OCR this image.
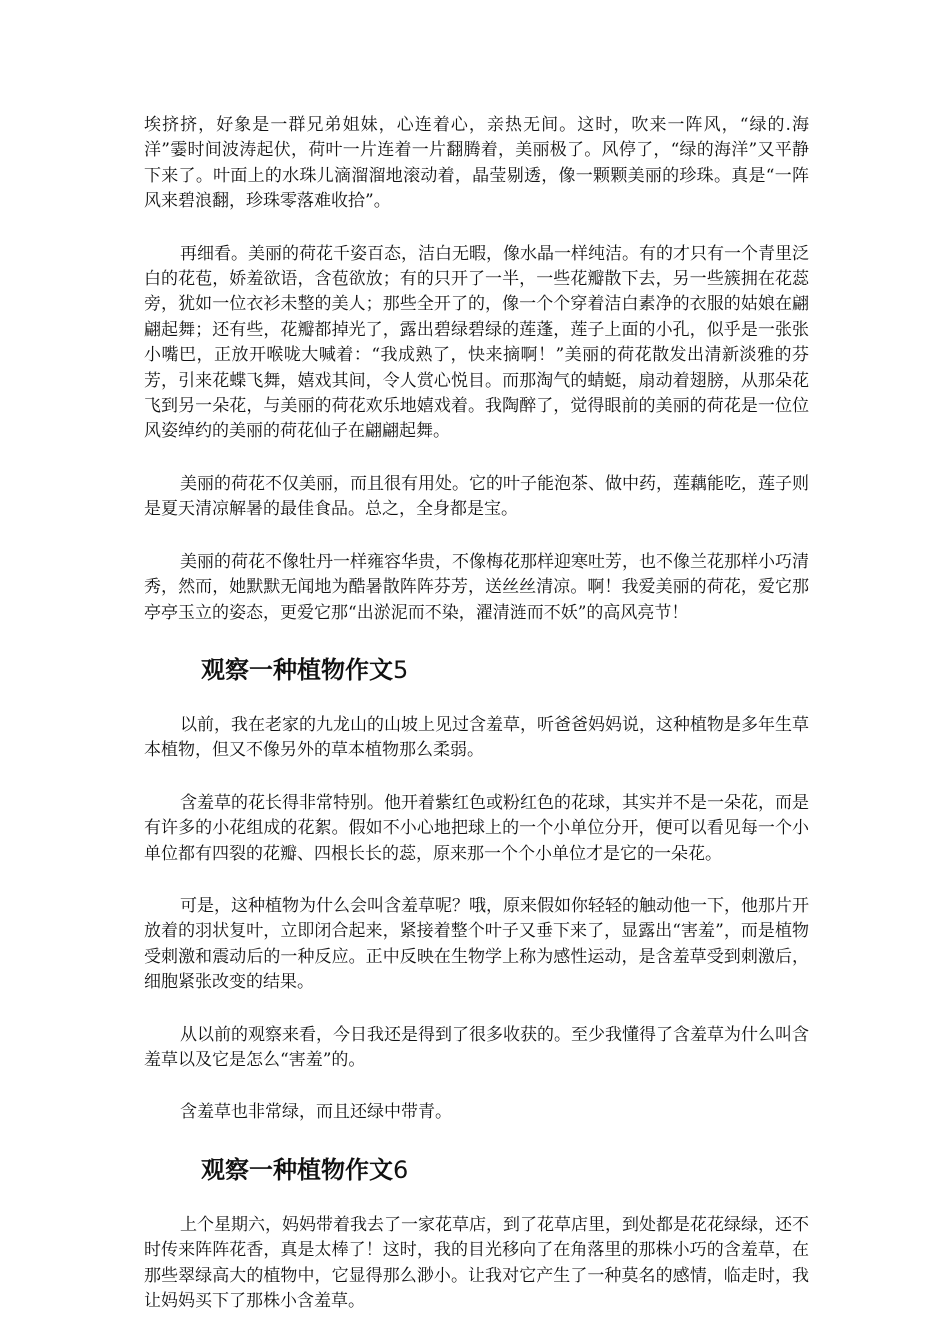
埃挤挤，好象是一群兄弟姐妹，心连着心，亲热无间。这时，吹来一阵风，“绿的.海洋”霎时间波涛起伏，荷叶一片连着一片翻腾着，美丽极了。风停了，“绿的海洋”又平静下来了。叶面上的水珠儿滴溜溜地滚动着，晶莹剔透，像一颗颗美丽的珍珠。真是“一阵风来碧浪翻，珍珠零落难收拾”。

再细看。美丽的荷花千姿百态，洁白无暇，像水晶一样纯洁。有的才只有一个青里泛白的花苞，娇羞欲语，含苞欲放；有的只开了一半，一些花瓣散下去，另一些簇拥在花蕊旁，犹如一位衣衫未整的美人；那些全开了的，像一个个穿着洁白素净的衣服的姑娘在翩翩起舞；还有些，花瓣都掉光了，露出碧绿碧绿的莲蓬，莲子上面的小孔，似乎是一张张小嘴巴，正放开喉咙大喊着：“我成熟了，快来摘啊！”美丽的荷花散发出清新淡雅的芬芳，引来花蝶飞舞，嬉戏其间，令人赏心悦目。而那淘气的蜻蜓，扇动着翅膀，从那朵花飞到另一朵花，与美丽的荷花欢乐地嬉戏着。我陶醉了，觉得眼前的美丽的荷花是一位位风姿绰约的美丽的荷花仙子在翩翩起舞。

美丽的荷花不仅美丽，而且很有用处。它的叶子能泡茶、做中药，莲藕能吃，莲子则是夏天清凉解暑的最佳食品。总之，全身都是宝。

美丽的荷花不像牡丹一样雍容华贵，不像梅花那样迎寒吐芳，也不像兰花那样小巧清秀，然而，她默默无闻地为酷暑散阵阵芬芳，送丝丝清凉。啊！我爱美丽的荷花，爱它那亭亭玉立的姿态，更爱它那“出淤泥而不染，濯清涟而不妖”的高风亮节！

观察一种植物作文5

以前，我在老家的九龙山的山坡上见过含羞草，听爸爸妈妈说，这种植物是多年生草本植物，但又不像另外的草本植物那么柔弱。

含羞草的花长得非常特别。他开着紫红色或粉红色的花球，其实并不是一朵花，而是有许多的小花组成的花絮。假如不小心地把球上的一个小单位分开，便可以看见每一个小单位都有四裂的花瓣、四根长长的蕊，原来那一个个小单位才是它的一朵花。

可是，这种植物为什么会叫含羞草呢？哦，原来假如你轻轻的触动他一下，他那片开放着的羽状复叶，立即闭合起来，紧接着整个叶子又垂下来了，显露出“害羞”，而是植物受刺激和震动后的一种反应。正中反映在生物学上称为感性运动，是含羞草受到刺激后，细胞紧张改变的结果。

从以前的观察来看，今日我还是得到了很多收获的。至少我懂得了含羞草为什么叫含羞草以及它是怎么“害羞”的。

含羞草也非常绿，而且还绿中带青。

观察一种植物作文6

上个星期六，妈妈带着我去了一家花草店，到了花草店里，到处都是花花绿绿，还不时传来阵阵花香，真是太棒了！这时，我的目光移向了在角落里的那株小巧的含羞草，在那些翠绿高大的植物中，它显得那么渺小。让我对它产生了一种莫名的感情，临走时，我让妈妈买下了那株小含羞草。
